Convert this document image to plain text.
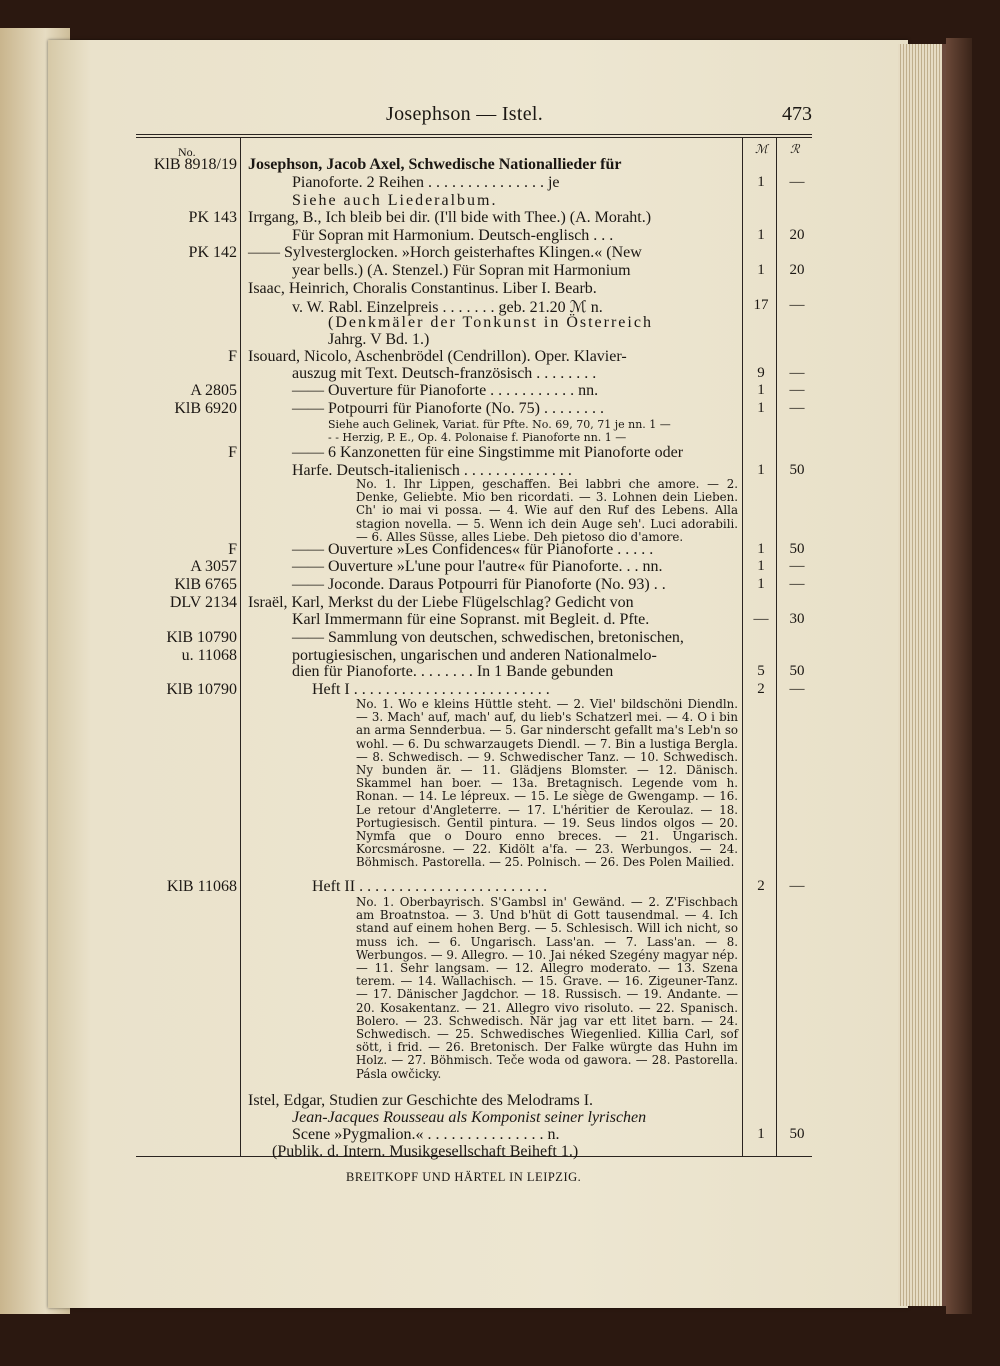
Josephson — Istel.	473
No.	ℳ ℛ
KlB 8918/19 Josephson, Jacob Axel, Schwedische Nationallieder für
Pianoforte. 2 Reihen . . . . . . . . . . . . . . . je	1	—
Siehe auch Liederalbum.
PK 143 Irrgang, B., Ich bleib bei dir. (I'll bide with Thee.) (A. Moraht.)
Für Sopran mit Harmonium. Deutsch-englisch . . .	1	20
PK 142 —— Sylvesterglocken. »Horch geisterhaftes Klingen.« (New
year bells.) (A. Stenzel.) Für Sopran mit Harmonium	1	20
Isaac, Heinrich, Choralis Constantinus. Liber I. Bearb.
v. W. Rabl. Einzelpreis . . . . . . . geb. 21.20 ℳ n.	17	—
(Denkmäler der Tonkunst in Österreich
Jahrg. V Bd. 1.)
F Isouard, Nicolo, Aschenbrödel (Cendrillon). Oper. Klavier-
auszug mit Text. Deutsch-französisch . . . . . . . .	9	—
A 2805	—— Ouverture für Pianoforte . . . . . . . . . . . nn.	1	—
KlB 6920	—— Potpourri für Pianoforte (No. 75) . . . . . . . .	1	—
Siehe auch Gelinek, Variat. für Pfte. No. 69, 70, 71 je nn. 1 —
- - Herzig, P. E., Op. 4. Polonaise f. Pianoforte nn. 1 —
F	—— 6 Kanzonetten für eine Singstimme mit Pianoforte oder
Harfe. Deutsch-italienisch . . . . . . . . . . . . . .	1	50

No. 1. Ihr Lippen, geschaffen. Bei labbri che amore. — 2. Denke, Geliebte. Mio ben ricordati. — 3. Lohnen dein Lieben. Ch' io mai vi possa. — 4. Wie auf den Ruf des Lebens. Alla stagion novella. — 5. Wenn ich dein Auge seh'. Luci adorabili. — 6. Alles Süsse, alles Liebe. Deh pietoso dio d'amore.

F	—— Ouverture »Les Confidences« für Pianoforte . . . . .	1	50
A 3057	—— Ouverture »L'une pour l'autre« für Pianoforte. . . nn.	1	—
KlB 6765	—— Joconde. Daraus Potpourri für Pianoforte (No. 93) . .	1	—
DLV 2134 Israël, Karl, Merkst du der Liebe Flügelschlag? Gedicht von
Karl Immermann für eine Sopranst. mit Begleit. d. Pfte.	—	30
KlB 10790	—— Sammlung von deutschen, schwedischen, bretonischen,
u. 11068	portugiesischen, ungarischen und anderen Nationalmelo-
dien für Pianoforte. . . . . . . . In 1 Bande gebunden	5	50
KlB 10790	Heft I . . . . . . . . . . . . . . . . . . . . . . . . .	2	—

No. 1. Wo e kleins Hüttle steht. — 2. Viel' bildschöni Diendln. — 3. Mach' auf, mach' auf, du lieb's Schatzerl mei. — 4. O i bin an arma Sennderbua. — 5. Gar ninderscht gefallt ma's Leb'n so wohl. — 6. Du schwarzaugets Diendl. — 7. Bin a lustiga Bergla. — 8. Schwedisch. — 9. Schwedischer Tanz. — 10. Schwedisch. Ny bunden är. — 11. Glädjens Blomster. — 12. Dänisch. Skammel han boer. — 13a. Bretagnisch. Legende vom h. Ronan. — 14. Le lépreux. — 15. Le siège de Gwengamp. — 16. Le retour d'Angleterre. — 17. L'héritier de Keroulaz. — 18. Portugiesisch. Gentil pintura. — 19. Seus lindos olgos — 20. Nymfa que o Douro enno breces. — 21. Ungarisch. Korcsmárosne. — 22. Kidölt a'fa. — 23. Werbungos. — 24. Böhmisch. Pastorella. — 25. Polnisch. — 26. Des Polen Mailied.

KlB 11068	Heft II . . . . . . . . . . . . . . . . . . . . . . . .	2	—

No. 1. Oberbayrisch. S'Gambsl in' Gewänd. — 2. Z'Fischbach am Broatnstoa. — 3. Und b'hüt di Gott tausendmal. — 4. Ich stand auf einem hohen Berg. — 5. Schlesisch. Will ich nicht, so muss ich. — 6. Ungarisch. Lass'an. — 7. Lass'an. — 8. Werbungos. — 9. Allegro. — 10. Jai néked Szegény magyar nép. — 11. Sehr langsam. — 12. Allegro moderato. — 13. Szena terem. — 14. Wallachisch. — 15. Grave. — 16. Zigeuner-Tanz. — 17. Dänischer Jagdchor. — 18. Russisch. — 19. Andante. — 20. Kosakentanz. — 21. Allegro vivo risoluto. — 22. Spanisch. Bolero. — 23. Schwedisch. När jag var ett litet barn. — 24. Schwedisch. — 25. Schwedisches Wiegenlied. Killia Carl, sof sött, i frid. — 26. Bretonisch. Der Falke würgte das Huhn im Holz. — 27. Böhmisch. Teče woda od gawora. — 28. Pastorella. Pásla owčicky.

Istel, Edgar, Studien zur Geschichte des Melodrams I.
Jean-Jacques Rousseau als Komponist seiner lyrischen
Scene »Pygmalion.« . . . . . . . . . . . . . . . n.	1	50
(Publik. d. Intern. Musikgesellschaft Beiheft 1.)
BREITKOPF UND HÄRTEL IN LEIPZIG.
